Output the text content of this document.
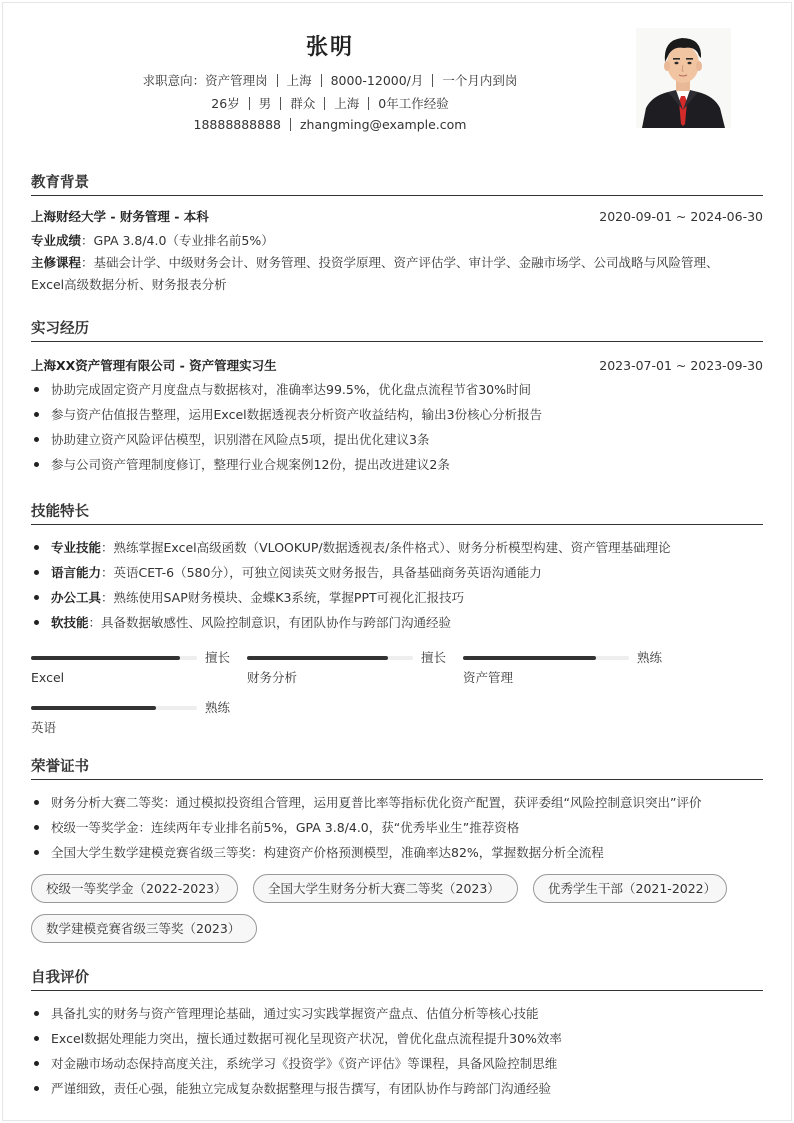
张明
求职意向：资产管理岗 上海 8000-12000/月 一个月内到岗
26岁 男 群众 上海 0年工作经验
18888888888 zhangming@example.com
教育背景
上海财经大学 - 财务管理 - 本科	2020-09-01 ~ 2024-06-30
专业成绩：GPA 3.8/4.0（专业排名前5%）
主修课程：基础会计学、中级财务会计、财务管理、投资学原理、资产评估学、审计学、金融市场学、公司战略与风险管理、
Excel高级数据分析、财务报表分析
实习经历
上海XX资产管理有限公司 - 资产管理实习生	2023-07-01 ~ 2023-09-30
协助完成固定资产月度盘点与数据核对，准确率达99.5%，优化盘点流程节省30%时间
参与资产估值报告整理，运用Excel数据透视表分析资产收益结构，输出3份核心分析报告
协助建立资产风险评估模型，识别潜在风险点5项，提出优化建议3条
参与公司资产管理制度修订，整理行业合规案例12份，提出改进建议2条
技能特长
专业技能：熟练掌握Excel高级函数（VLOOKUP/数据透视表/条件格式）、财务分析模型构建、资产管理基础理论
语言能力：英语CET-6（580分），可独立阅读英文财务报告，具备基础商务英语沟通能力
办公工具：熟练使用SAP财务模块、金蝶K3系统，掌握PPT可视化汇报技巧
软技能：具备数据敏感性、风险控制意识，有团队协作与跨部门沟通经验
擅长
Excel
擅长
财务分析
熟练
资产管理
熟练
英语
荣誉证书
财务分析大赛二等奖：通过模拟投资组合管理，运用夏普比率等指标优化资产配置，获评委组“风险控制意识突出”评价
校级一等奖学金：连续两年专业排名前5%，GPA 3.8/4.0，获“优秀毕业生”推荐资格
全国大学生数学建模竞赛省级三等奖：构建资产价格预测模型，准确率达82%，掌握数据分析全流程
校级一等奖学金（2022-2023）	全国大学生财务分析大赛二等奖（2023）	优秀学生干部（2021-2022）
数学建模竞赛省级三等奖（2023）
自我评价
具备扎实的财务与资产管理理论基础，通过实习实践掌握资产盘点、估值分析等核心技能
Excel数据处理能力突出，擅长通过数据可视化呈现资产状况，曾优化盘点流程提升30%效率
对金融市场动态保持高度关注，系统学习《投资学》《资产评估》等课程，具备风险控制思维
严谨细致，责任心强，能独立完成复杂数据整理与报告撰写，有团队协作与跨部门沟通经验
